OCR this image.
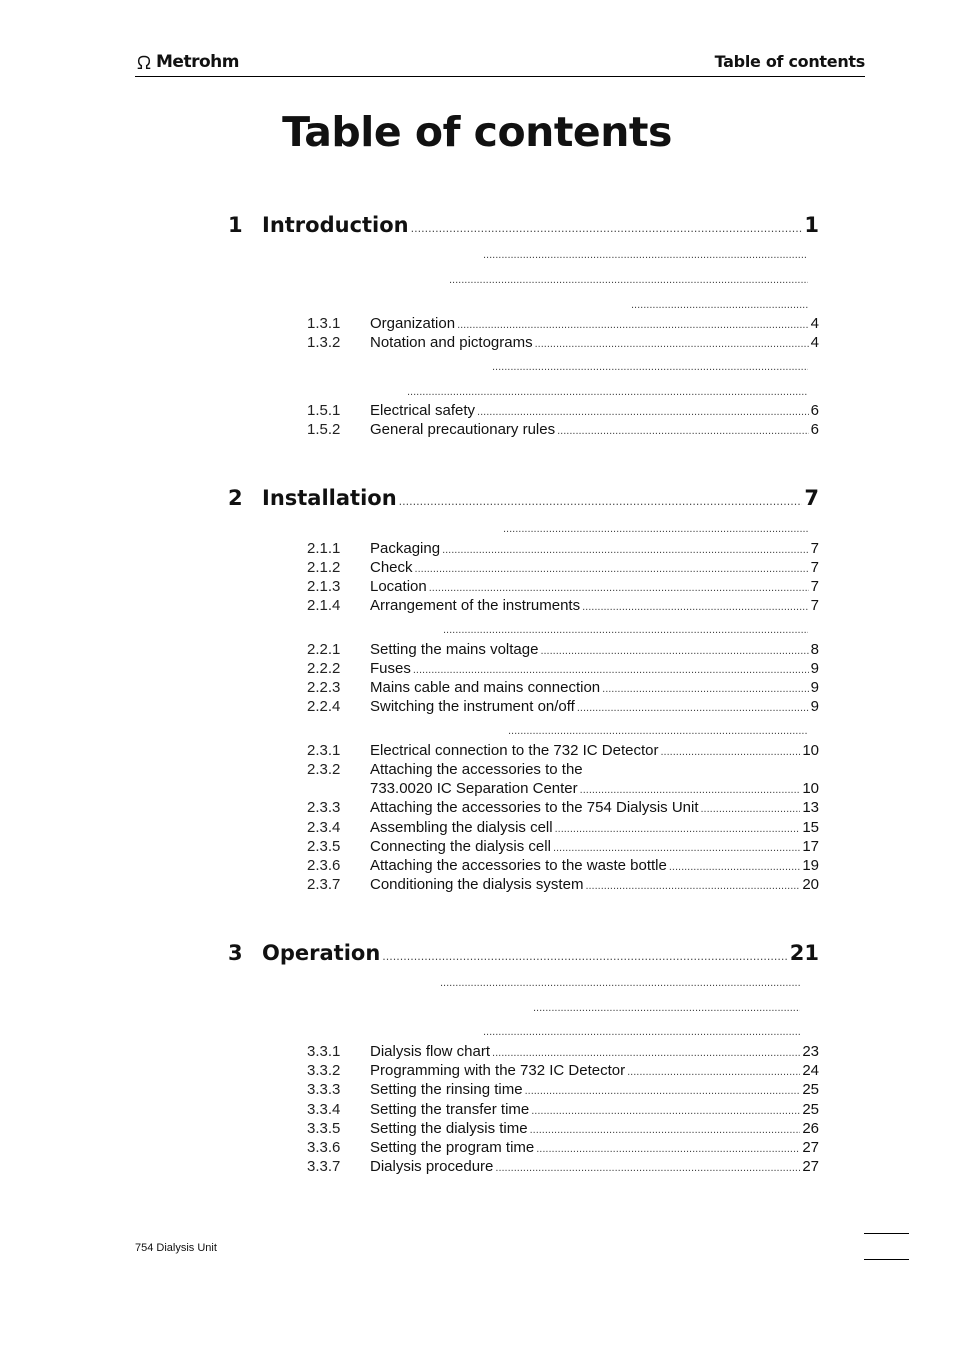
Metrohm	Table of contents
Table of contents
1 Introduction .....	1
.....
.....
.....
1.3.1	Organization .....	4
1.3.2	Notation and pictograms .....	4
.....
.....
1.5.1	Electrical safety .....	6
1.5.2	General precautionary rules .....	6
2 Installation .....	7
.....
2.1.1	Packaging .....	7
2.1.2	Check .....	7
2.1.3	Location .....	7
2.1.4	Arrangement of the instruments .....	7
.....
2.2.1	Setting the mains voltage .....	8
2.2.2	Fuses .....	9
2.2.3	Mains cable and mains connection .....	9
2.2.4	Switching the instrument on/off .....	9
.....
2.3.1	Electrical connection to the 732 IC Detector .....	10
2.3.2	Attaching the accessories to the
733.0020 IC Separation Center .....	10
2.3.3	Attaching the accessories to the 754 Dialysis Unit .....	13
2.3.4	Assembling the dialysis cell .....	15
2.3.5	Connecting the dialysis cell .....	17
2.3.6	Attaching the accessories to the waste bottle .....	19
2.3.7	Conditioning the dialysis system .....	20
3 Operation .....	21
.....
.....
.....
3.3.1	Dialysis flow chart .....	23
3.3.2	Programming with the 732 IC Detector .....	24
3.3.3	Setting the rinsing time .....	25
3.3.4	Setting the transfer time .....	25
3.3.5	Setting the dialysis time .....	26
3.3.6	Setting the program time .....	27
3.3.7	Dialysis procedure .....	27
754 Dialysis Unit
